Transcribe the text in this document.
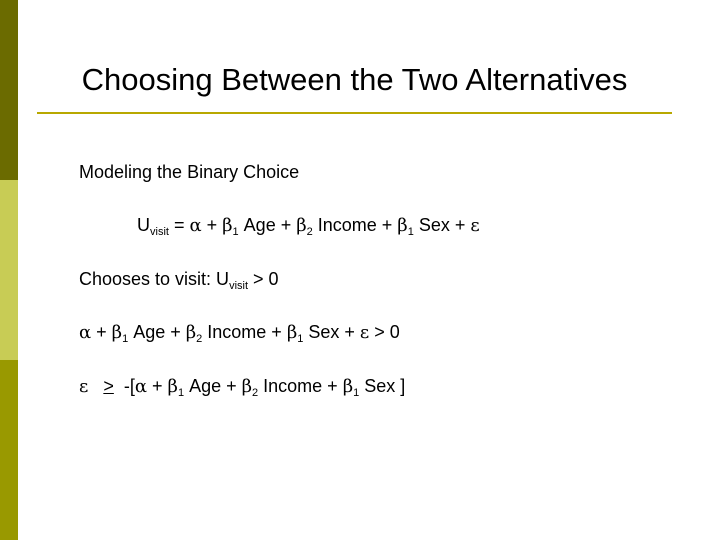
Choosing Between the Two Alternatives
Modeling the Binary Choice
$U_{visit} = \alpha + \beta_1$ Age + $\beta_2$ Income + $\beta_1$ Sex + ε
Chooses to visit: $U_{visit} > 0$
$\alpha + \beta_1$ Age + $\beta_2$ Income + $\beta_1$ Sex + ε > 0
$\varepsilon > -[\alpha + \beta_1$ Age + $\beta_2$ Income + $\beta_1$ Sex ]
